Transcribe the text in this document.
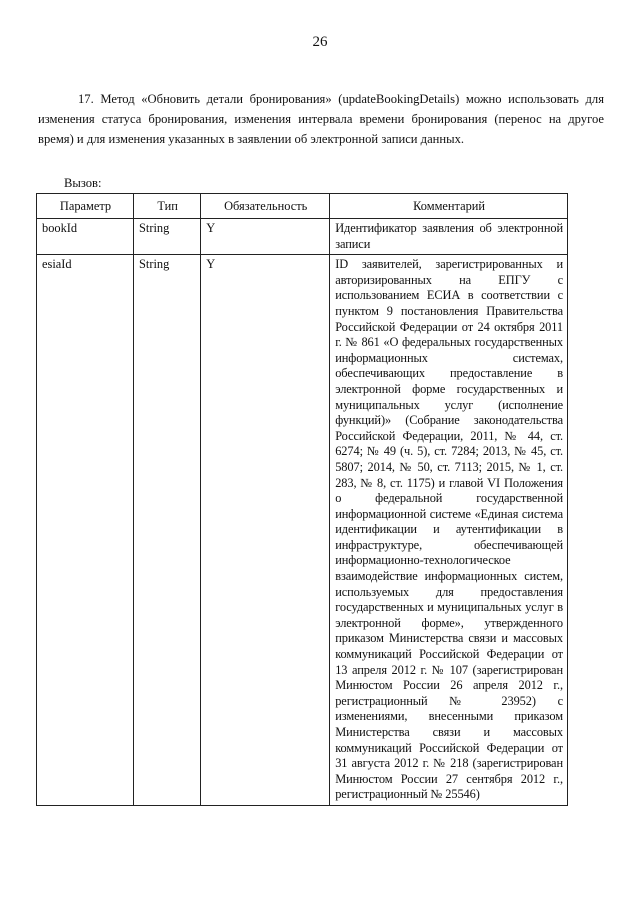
26

17. Метод «Обновить детали бронирования» (updateBookingDetails) можно использовать для изменения статуса бронирования, изменения интервала времени бронирования (перенос на другое время) и для изменения указанных в заявлении об электронной записи данных.

Вызов:
Параметр	Тип	Обязательность	Комментарий
bookId	String	Y	Идентификатор заявления об электронной записи
esiaId	String	Y	ID заявителей, зарегистрированных и авторизированных на ЕПГУ с использованием ЕСИА в соответствии с пунктом 9 постановления Правительства Российской Федерации от 24 октября 2011 г. № 861 «О федеральных государственных информационных системах, обеспечивающих предоставление в электронной форме государственных и муниципальных услуг (исполнение функций)» (Собрание законодательства Российской Федерации, 2011, № 44, ст. 6274; № 49 (ч. 5), ст. 7284; 2013, № 45, ст. 5807; 2014, № 50, ст. 7113; 2015, № 1, ст. 283, № 8, ст. 1175) и главой VI Положения о федеральной государственной информационной системе «Единая система идентификации и аутентификации в инфраструктуре, обеспечивающей информационно-технологическое взаимодействие информационных систем, используемых для предоставления государственных и муниципальных услуг в электронной форме», утвержденного приказом Министерства связи и массовых коммуникаций Российской Федерации от 13 апреля 2012 г. № 107 (зарегистрирован Минюстом России 26 апреля 2012 г., регистрационный № 23952) с изменениями, внесенными приказом Министерства связи и массовых коммуникаций Российской Федерации от 31 августа 2012 г. № 218 (зарегистрирован Минюстом России 27 сентября 2012 г., регистрационный № 25546)
